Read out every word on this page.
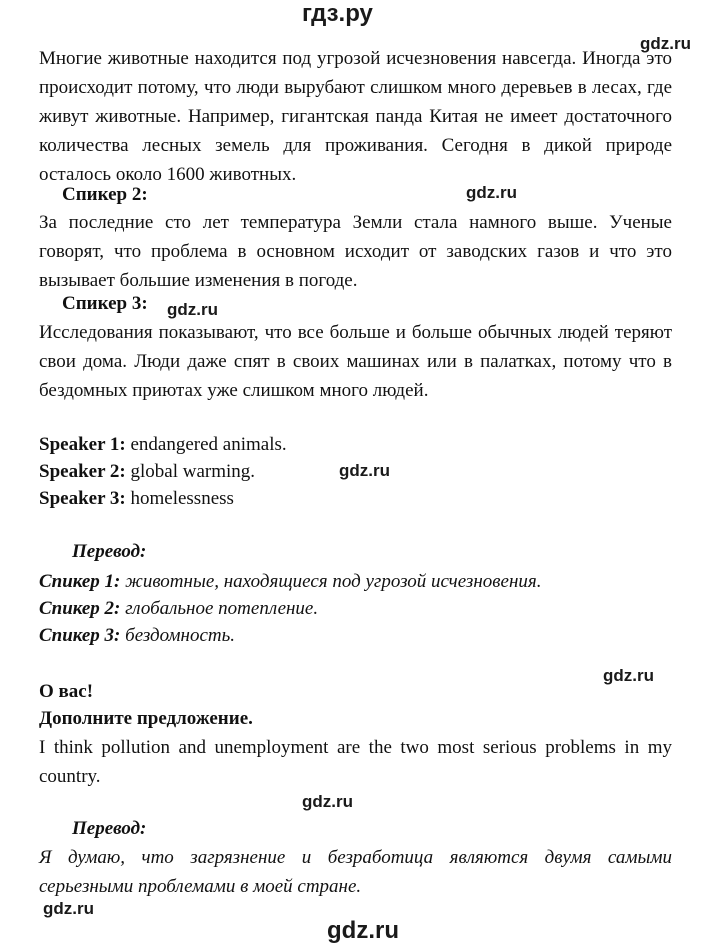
гдз.ру
gdz.ru
gdz.ru
gdz.ru
gdz.ru
gdz.ru
gdz.ru
gdz.ru
gdz.ru
Многие животные находится под угрозой исчезновения навсегда. Иногда это происходит потому, что люди вырубают слишком много деревьев в лесах, где живут животные. Например, гигантская панда Китая не имеет достаточного количества лесных земель для проживания. Сегодня в дикой природе осталось около 1600 животных.
Спикер 2:
За последние сто лет температура Земли стала намного выше. Ученые говорят, что проблема в основном исходит от заводских газов и что это вызывает большие изменения в погоде.
Спикер 3:
Исследования показывают, что все больше и больше обычных людей теряют свои дома. Люди даже спят в своих машинах или в палатках, потому что в бездомных приютах уже слишком много людей.
Speaker 1: endangered animals.
Speaker 2: global warming.
Speaker 3: homelessness
Перевод:
Спикер 1: животные, находящиеся под угрозой исчезновения.
Спикер 2: глобальное потепление.
Спикер 3: бездомность.
О вас!
Дополните предложение.
I think pollution and unemployment are the two most serious problems in my country.
Перевод:
Я думаю, что загрязнение и безработица являются двумя самыми серьезными проблемами в моей стране.
